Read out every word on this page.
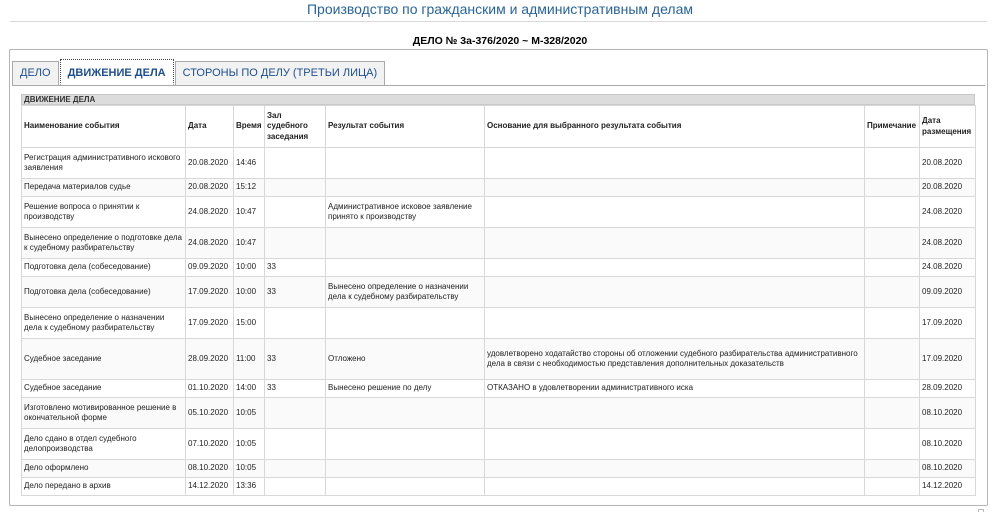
Производство по гражданским и административным делам
ДЕЛО № 3а-376/2020 ~ М-328/2020
ДЕЛО	ДВИЖЕНИЕ ДЕЛА	СТОРОНЫ ПО ДЕЛУ (ТРЕТЬИ ЛИЦА)
ДВИЖЕНИЕ ДЕЛА
Наименование события	Дата	Время	Зал судебного заседания	Результат события	Основание для выбранного результата события	Примечание	Дата размещения
Регистрация административного искового заявления	20.08.2020	14:46					20.08.2020
Передача материалов судье	20.08.2020	15:12					20.08.2020
Решение вопроса о принятии к производству	24.08.2020	10:47		Административное исковое заявление принято к производству			24.08.2020
Вынесено определение о подготовке дела к судебному разбирательству	24.08.2020	10:47					24.08.2020
Подготовка дела (собеседование)	09.09.2020	10:00	33				24.08.2020
Подготовка дела (собеседование)	17.09.2020	10:00	33	Вынесено определение о назначении дела к судебному разбирательству			09.09.2020
Вынесено определение о назначении дела к судебному разбирательству	17.09.2020	15:00					17.09.2020
Судебное заседание	28.09.2020	11:00	33	Отложено	удовлетворено ходатайство стороны об отложении судебного разбирательства административного дела в связи с необходимостью представления дополнительных доказательств		17.09.2020
Судебное заседание	01.10.2020	14:00	33	Вынесено решение по делу	ОТКАЗАНО в удовлетворении административного иска		28.09.2020
Изготовлено мотивированное решение в окончательной форме	05.10.2020	10:05					08.10.2020
Дело сдано в отдел судебного делопроизводства	07.10.2020	10:05					08.10.2020
Дело оформлено	08.10.2020	10:05					08.10.2020
Дело передано в архив	14.12.2020	13:36					14.12.2020
